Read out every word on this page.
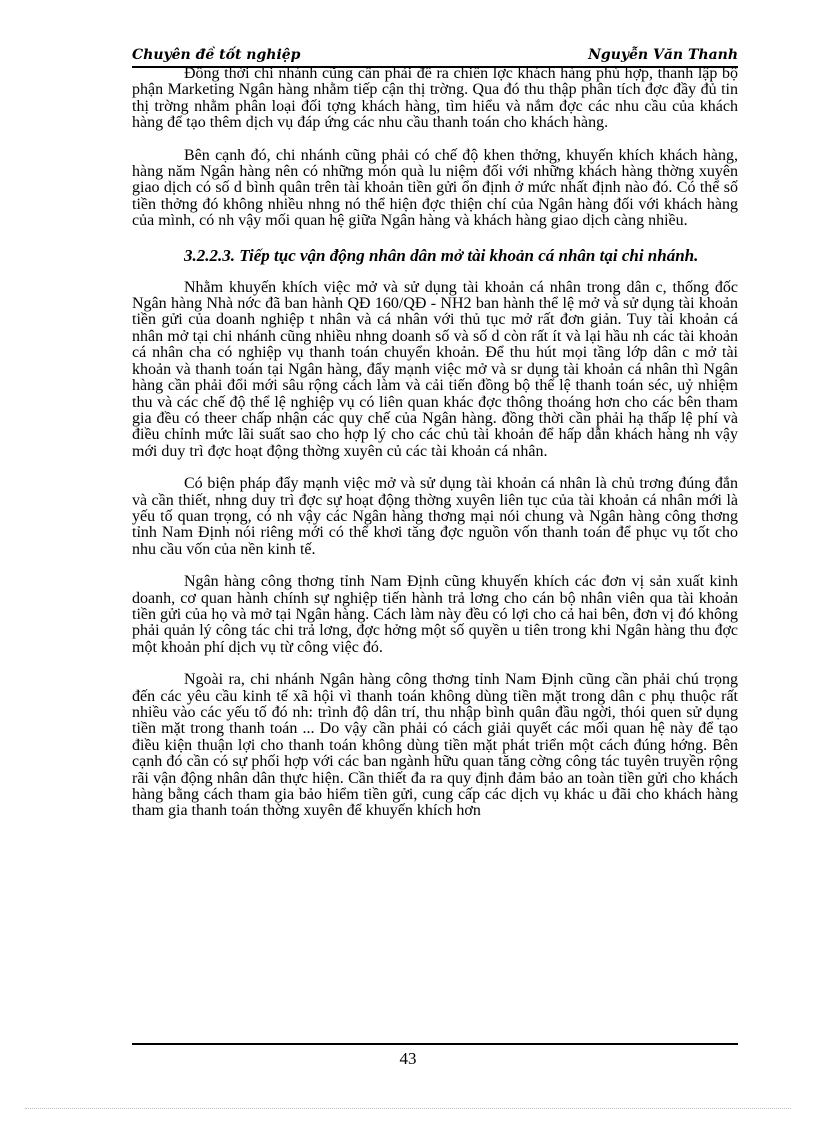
Chuyên đề tốt nghiệp	Nguyễn Văn Thanh

Đồng thời chi nhánh cũng cần phải đề ra chiến lợc khách hàng phù hợp, thanh lập bộ phận Marketing Ngân hàng nhằm tiếp cận thị trờng. Qua đó thu thập phân tích đợc đầy đủ tin thị trờng nhằm phân loại đối tợng khách hàng, tìm hiểu và nắm đợc các nhu cầu của khách hàng để tạo thêm dịch vụ đáp ứng các nhu cầu thanh toán cho khách hàng.

Bên cạnh đó, chi nhánh cũng phải có chế độ khen thởng, khuyến khích khách hàng, hàng năm Ngân hàng nên có những món quà lu niệm đối với những khách hàng thờng xuyên giao dịch có số d bình quân trên tài khoản tiền gửi ổn định ở mức nhất định nào đó. Có thể số tiền thởng đó không nhiều nhng nó thể hiện đợc thiện chí của Ngân hàng đối với khách hàng của mình, có nh vậy mối quan hệ giữa Ngân hàng và khách hàng giao dịch càng nhiều.

3.2.2.3. Tiếp tục vận động nhân dân mở tài khoản cá nhân tại chi nhánh.

Nhằm khuyến khích việc mở và sử dụng tài khoản cá nhân trong dân c, thống đốc Ngân hàng Nhà nớc đã ban hành QĐ 160/QĐ - NH2 ban hành thể lệ mở và sử dụng tài khoản tiền gửi của doanh nghiệp t nhân và cá nhân với thủ tục mở rất đơn giản. Tuy tài khoản cá nhân mở tại chi nhánh cũng nhiều nhng doanh số và số d còn rất ít và lại hầu nh các tài khoản cá nhân cha có nghiệp vụ thanh toán chuyển khoản. Để thu hút mọi tầng lớp dân c mở tài khoản và thanh toán tại Ngân hàng, đẩy mạnh việc mở và sr dụng tài khoản cá nhân thì Ngân hàng cần phải đổi mới sâu rộng cách làm và cải tiến đồng bộ thể lệ thanh toán séc, uỷ nhiệm thu và các chế độ thể lệ nghiệp vụ có liên quan khác đợc thông thoáng hơn cho các bên tham gia đều có theer chấp nhận các quy chế của Ngân hàng. đồng thời cần phải hạ thấp lệ phí và điều chỉnh mức lãi suất sao cho hợp lý cho các chủ tài khoản để hấp dẫn khách hàng nh vậy mới duy trì đợc hoạt động thờng xuyên củ các tài khoản cá nhân.

Có biện pháp đẩy mạnh việc mở và sử dụng tài khoản cá nhân là chủ trơng đúng đắn và cần thiết, nhng duy trì đợc sự hoạt động thờng xuyên liên tục của tài khoản cá nhân mới là yếu tố quan trọng, có nh vậy các Ngân hàng thơng mại nói chung và Ngân hàng công thơng tỉnh Nam Định nói riêng mới có thể khơi tăng đợc nguồn vốn thanh toán để phục vụ tốt cho nhu cầu vốn của nền kinh tế.

Ngân hàng công thơng tỉnh Nam Định cũng khuyến khích các đơn vị sản xuất kinh doanh, cơ quan hành chính sự nghiệp tiến hành trả lơng cho cán bộ nhân viên qua tài khoản tiền gửi của họ và mở tại Ngân hàng. Cách làm này đều có lợi cho cả hai bên, đơn vị đó không phải quản lý công tác chi trả lơng, đợc hởng một số quyền u tiên trong khi Ngân hàng thu đợc một khoản phí dịch vụ từ công việc đó.

Ngoài ra, chi nhánh Ngân hàng công thơng tỉnh Nam Định cũng cần phải chú trọng đến các yêu cầu kinh tế xã hội vì thanh toán không dùng tiền mặt trong dân c phụ thuộc rất nhiều vào các yếu tố đó nh: trình độ dân trí, thu nhập bình quân đầu ngời, thói quen sử dụng tiền mặt trong thanh toán ... Do vậy cần phải có cách giải quyết các mối quan hệ này để tạo điều kiện thuận lợi cho thanh toán không dùng tiền mặt phát triển một cách đúng hớng. Bên cạnh đó cần có sự phối hợp với các ban ngành hữu quan tăng cờng công tác tuyên truyền rộng rãi vận động nhân dân thực hiện. Cần thiết đa ra quy định đảm bảo an toàn tiền gửi cho khách hàng bằng cách tham gia bảo hiểm tiền gửi, cung cấp các dịch vụ khác u đãi cho khách hàng tham gia thanh toán thờng xuyên để khuyến khích hơn

43
